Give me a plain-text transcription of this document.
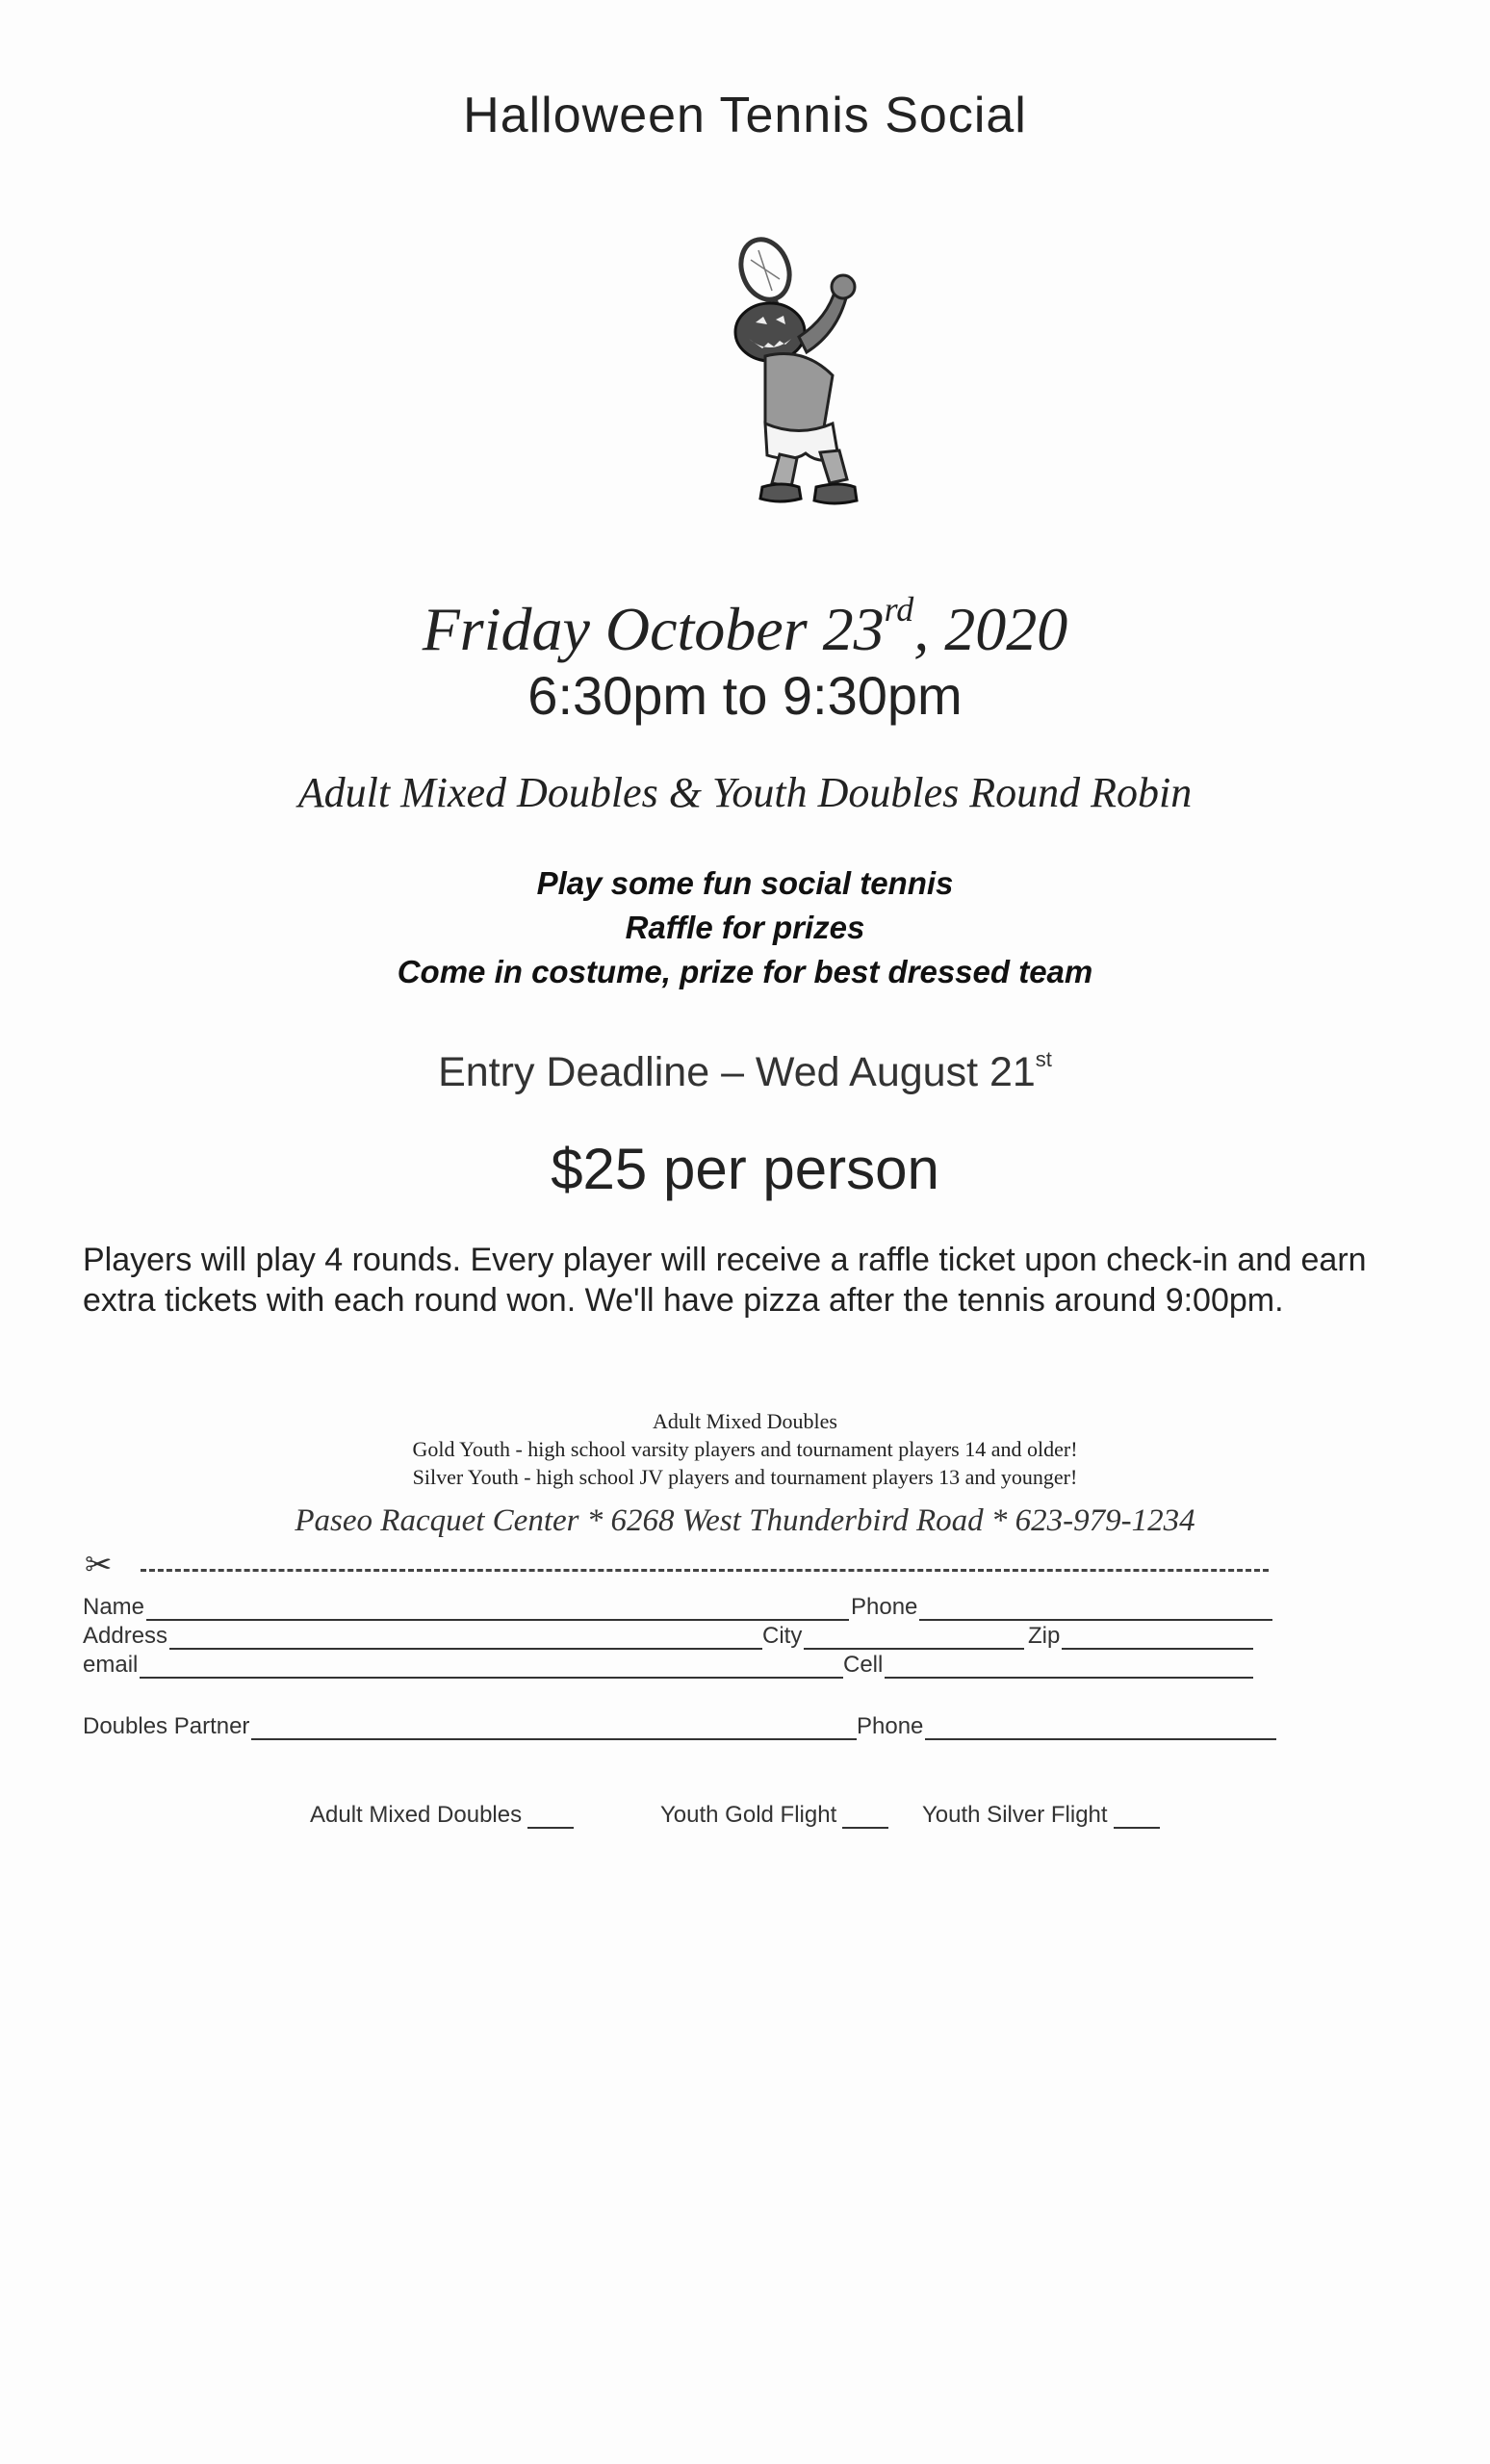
Halloween Tennis Social
Friday October 23rd, 2020
6:30pm to 9:30pm
Adult Mixed Doubles & Youth Doubles Round Robin
Play some fun social tennis
Raffle for prizes
Come in costume, prize for best dressed team
Entry Deadline – Wed August 21st
$25 per person
Players will play 4 rounds. Every player will receive a raffle ticket upon check-in and earn extra tickets with each round won. We'll have pizza after the tennis around 9:00pm.
Adult Mixed Doubles
Gold Youth - high school varsity players and tournament players 14 and older!
Silver Youth - high school JV players and tournament players 13 and younger!
Paseo Racquet Center * 6268 West Thunderbird Road * 623-979-1234
✂
Name	Phone
Address	City	Zip
email	Cell
Doubles Partner	Phone
Adult Mixed Doubles	Youth Gold Flight	Youth Silver Flight
